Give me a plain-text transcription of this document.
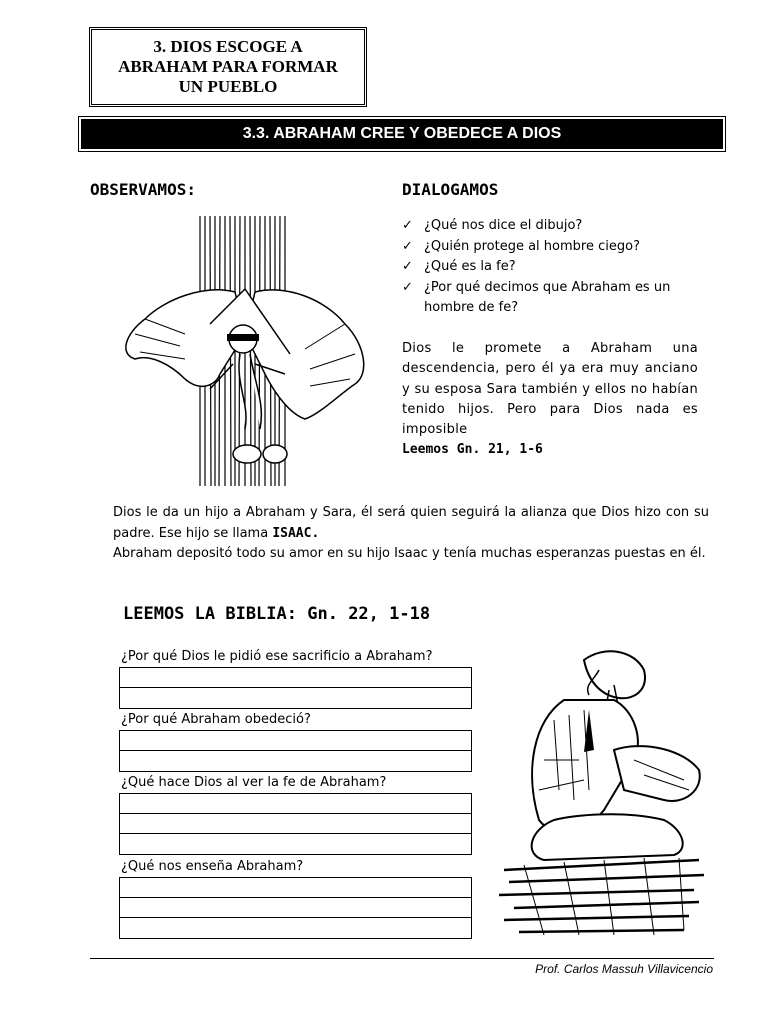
3. DIOS ESCOGE A ABRAHAM PARA FORMAR UN PUEBLO
3.3. ABRAHAM CREE Y OBEDECE A DIOS
OBSERVAMOS:	DIALOGAMOS
✓ ¿Qué nos dice el dibujo?
✓ ¿Quién protege al hombre ciego?
✓ ¿Qué es la fe?
✓ ¿Por qué decimos que Abraham es un hombre de fe?

Dios le promete a Abraham una descendencia, pero él ya era muy anciano y su esposa Sara también y ellos no habían tenido hijos. Pero para Dios nada es imposible

Leemos Gn. 21, 1-6

Dios le da un hijo a Abraham y Sara, él será quien seguirá la alianza que Dios hizo con su padre. Ese hijo se llama ISAAC.
Abraham depositó todo su amor en su hijo Isaac y tenía muchas esperanzas puestas en él.

LEEMOS LA BIBLIA: Gn. 22, 1-18
¿Por qué Dios le pidió ese sacrificio a Abraham?
¿Por qué Abraham obedeció?
¿Qué hace Dios al ver la fe de Abraham?
¿Qué nos enseña Abraham?
Prof. Carlos Massuh Villavicencio
